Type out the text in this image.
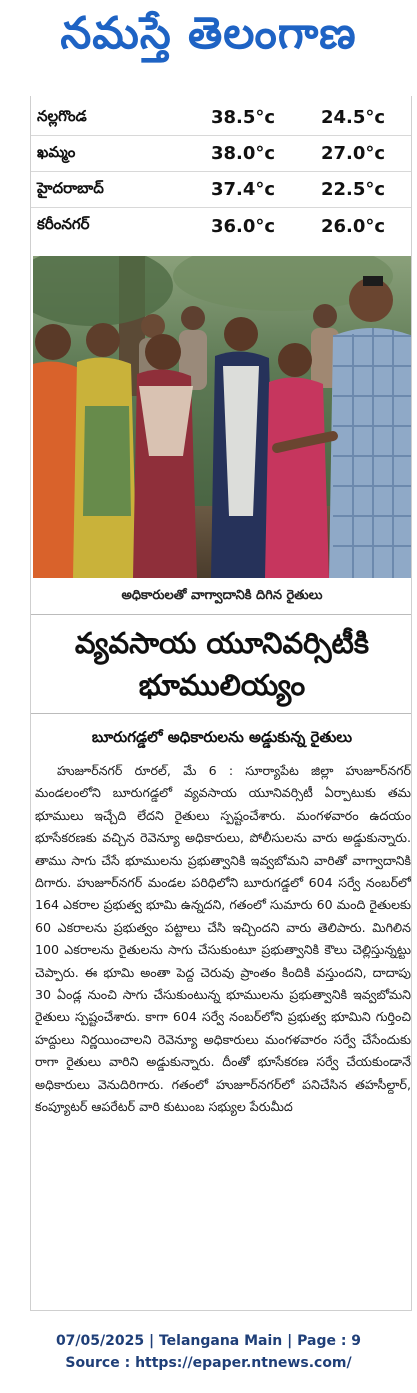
నమస్తే తెలంగాణ
నల్లగొండ	38.5°c	24.5°c
ఖమ్మం	38.0°c	27.0°c
హైదరాబాద్	37.4°c	22.5°c
కరీంనగర్	36.0°c	26.0°c
అధికారులతో వాగ్వాదానికి దిగిన రైతులు
వ్యవసాయ యూనివర్సిటీకి
భూములియ్యం
బూరుగడ్డలో అధికారులను అడ్డుకున్న రైతులు

హుజూర్‌నగర్ రూరల్, మే 6 : సూర్యాపేట జిల్లా హుజూర్‌నగర్ మండలంలోని బూరుగడ్డలో వ్యవసాయ యూనివర్సిటీ ఏర్పాటుకు తమ భూములు ఇచ్చేది లేదని రైతులు స్పష్టంచేశారు. మంగళవారం ఉదయం భూసేకరణకు వచ్చిన రెవెన్యూ అధికారులు, పోలీసులను వారు అడ్డుకున్నారు. తాము సాగు చేసే భూములను ప్రభుత్వానికి ఇవ్వబోమని వారితో వాగ్వాదానికి దిగారు. హుజూర్‌నగర్ మండల పరిధిలోని బూరుగడ్డలో 604 సర్వే నంబర్‌లో 164 ఎకరాల ప్రభుత్వ భూమి ఉన్నదని, గతంలో సుమారు 60 మంది రైతులకు 60 ఎకరాలను ప్రభుత్వం పట్టాలు చేసి ఇచ్చిందని వారు తెలిపారు. మిగిలిన 100 ఎకరాలను రైతులను సాగు చేసుకుంటూ ప్రభుత్వానికి కౌలు చెల్లిస్తున్నట్టు చెప్పారు. ఈ భూమి అంతా పెద్ద చెరువు ప్రాంతం కిందికి వస్తుందని, దాదాపు 30 ఏండ్ల నుంచి సాగు చేసుకుంటున్న భూములను ప్రభుత్వానికి ఇవ్వబోమని రైతులు స్పష్టంచేశారు. కాగా 604 సర్వే నంబర్‌లోని ప్రభుత్వ భూమిని గుర్తించి హద్దులు నిర్ణయించాలని రెవెన్యూ అధికారులు మంగళవారం సర్వే చేసేందుకు రాగా రైతులు వారిని అడ్డుకున్నారు. దీంతో భూసేకరణ సర్వే చేయకుండానే అధికారులు వెనుదిరిగారు. గతంలో హుజూర్‌నగర్‌లో పనిచేసిన తహసీల్దార్, కంప్యూటర్ ఆపరేటర్ వారి కుటుంబ సభ్యుల పేరుమీద

07/05/2025 | Telangana Main | Page : 9
Source : https://epaper.ntnews.com/
